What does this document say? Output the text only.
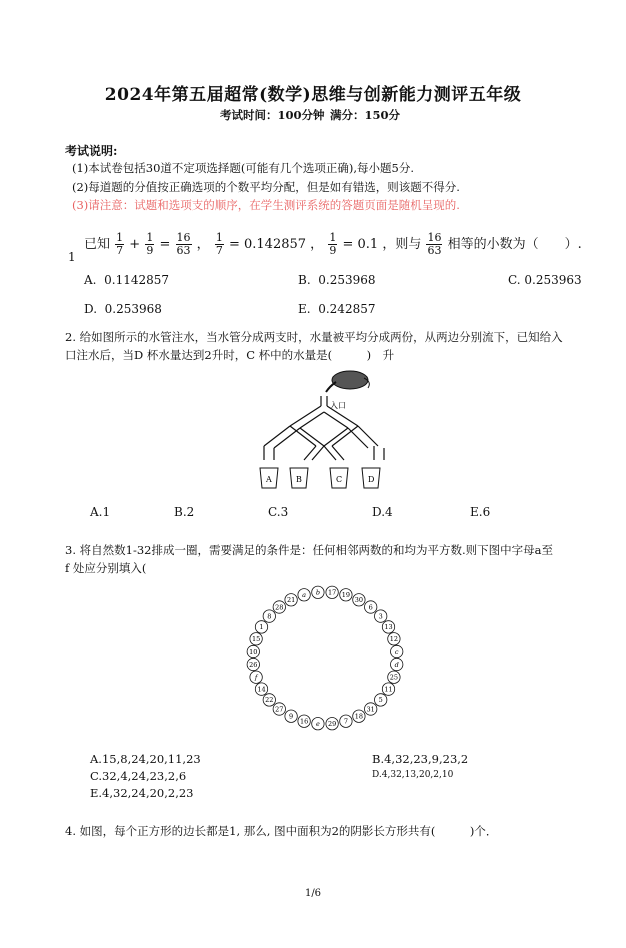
2024年第五届超常(数学)思维与创新能力测评五年级
考试时间：100分钟 满分：150分
考试说明:
(1)本试卷包括30道不定项选择题(可能有几个选项正确),每小题5分.
(2)每道题的分值按正确选项的个数平均分配，但是如有错选，则该题不得分.
(3)请注意：试题和选项支的顺序，在学生测评系统的答题页面是随机呈现的.
1
已知 $\frac{1}{7} + \frac{1}{9} = \frac{16}{63}$ ， $\frac{1}{7} = 0.142857$ ， $\frac{1}{9} = 0.1$ ，则与 $\frac{16}{63}$ 相等的小数为（　　）.
A. 0.1142857	B. 0.253968	C. 0.253963
D. 0.253968	E. 0.242857
2. 给如图所示的水管注水，当水管分成两支时，水量被平均分成两份，从两边分别流下，已知给入
口注水后，当D 杯水量达到2升时，C 杯中的水量是(　　　)　升
入口
A	B	C	D
A.1	B.2	C.3	D.4	E.6
3. 将自然数1-32排成一圈，需要满足的条件是：任何相邻两数的和均为平方数.则下图中字母a至
f 处应分别填入(
a b 17 19
30
6
3
13
12
c
d
25
11
5
31
18
7
29
e
16
9
27
22
14
f
26
10
15
1
8
28
21
A.15,8,24,20,11,23	B.4,32,23,9,23,2
C.32,4,24,23,2,6	D.4,32,13,20,2,10
E.4,32,24,20,2,23
4. 如图，每个正方形的边长都是1, 那么, 图中面积为2的阴影长方形共有(　　　)个．
1/6
